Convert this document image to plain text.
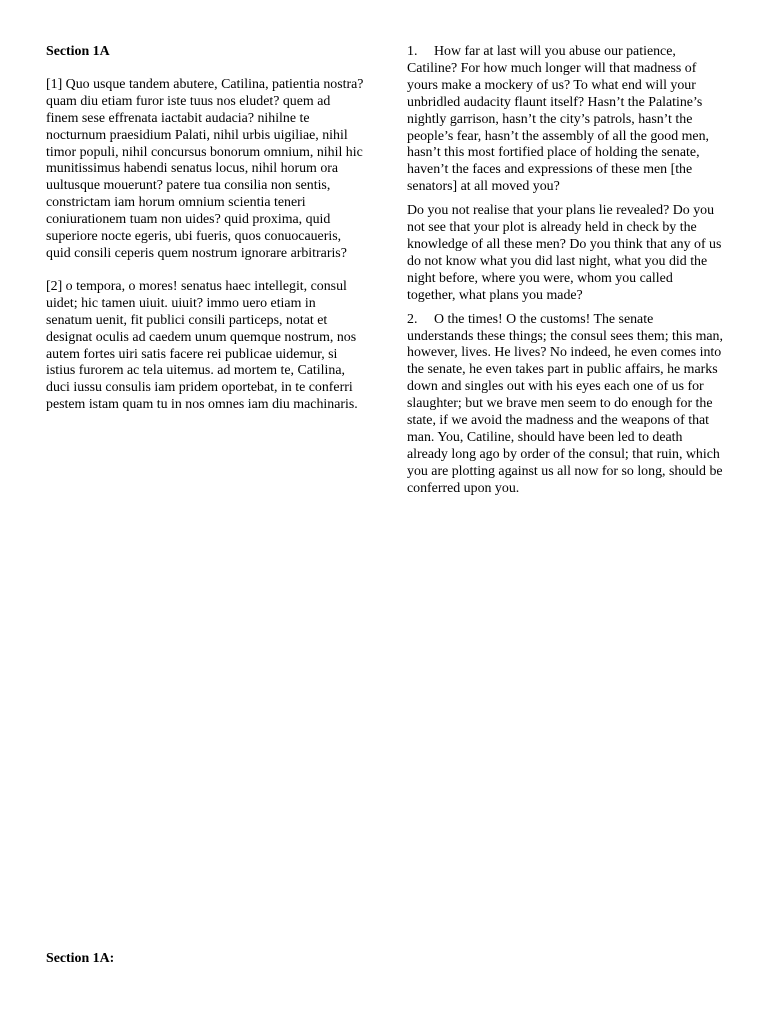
Section 1A

[1] Quo usque tandem abutere, Catilina, patientia nostra? quam diu etiam furor iste tuus nos eludet? quem ad finem sese effrenata iactabit audacia? nihilne te nocturnum praesidium Palati, nihil urbis uigiliae, nihil timor populi, nihil concursus bonorum omnium, nihil hic munitissimus habendi senatus locus, nihil horum ora uultusque mouerunt? patere tua consilia non sentis, constrictam iam horum omnium scientia teneri coniurationem tuam non uides? quid proxima, quid superiore nocte egeris, ubi fueris, quos conuocaueris, quid consili ceperis quem nostrum ignorare arbitraris?

[2] o tempora, o mores! senatus haec intellegit, consul uidet; hic tamen uiuit. uiuit? immo uero etiam in senatum uenit, fit publici consili particeps, notat et designat oculis ad caedem unum quemque nostrum, nos autem fortes uiri satis facere rei publicae uidemur, si istius furorem ac tela uitemus. ad mortem te, Catilina, duci iussu consulis iam pridem oportebat, in te conferri pestem istam quam tu in nos omnes iam diu machinaris.

1. How far at last will you abuse our patience, Catiline? For how much longer will that madness of yours make a mockery of us? To what end will your unbridled audacity flaunt itself? Hasn’t the Palatine’s nightly garrison, hasn’t the city’s patrols, hasn’t the people’s fear, hasn’t the assembly of all the good men, hasn’t this most fortified place of holding the senate, haven’t the faces and expressions of these men [the senators] at all moved you?

Do you not realise that your plans lie revealed? Do you not see that your plot is already held in check by the knowledge of all these men? Do you think that any of us do not know what you did last night, what you did the night before, where you were, whom you called together, what plans you made?

2. O the times! O the customs! The senate understands these things; the consul sees them; this man, however, lives. He lives? No indeed, he even comes into the senate, he even takes part in public affairs, he marks down and singles out with his eyes each one of us for slaughter; but we brave men seem to do enough for the state, if we avoid the madness and the weapons of that man. You, Catiline, should have been led to death already long ago by order of the consul; that ruin, which you are plotting against us all now for so long, should be conferred upon you.

Section 1A:
